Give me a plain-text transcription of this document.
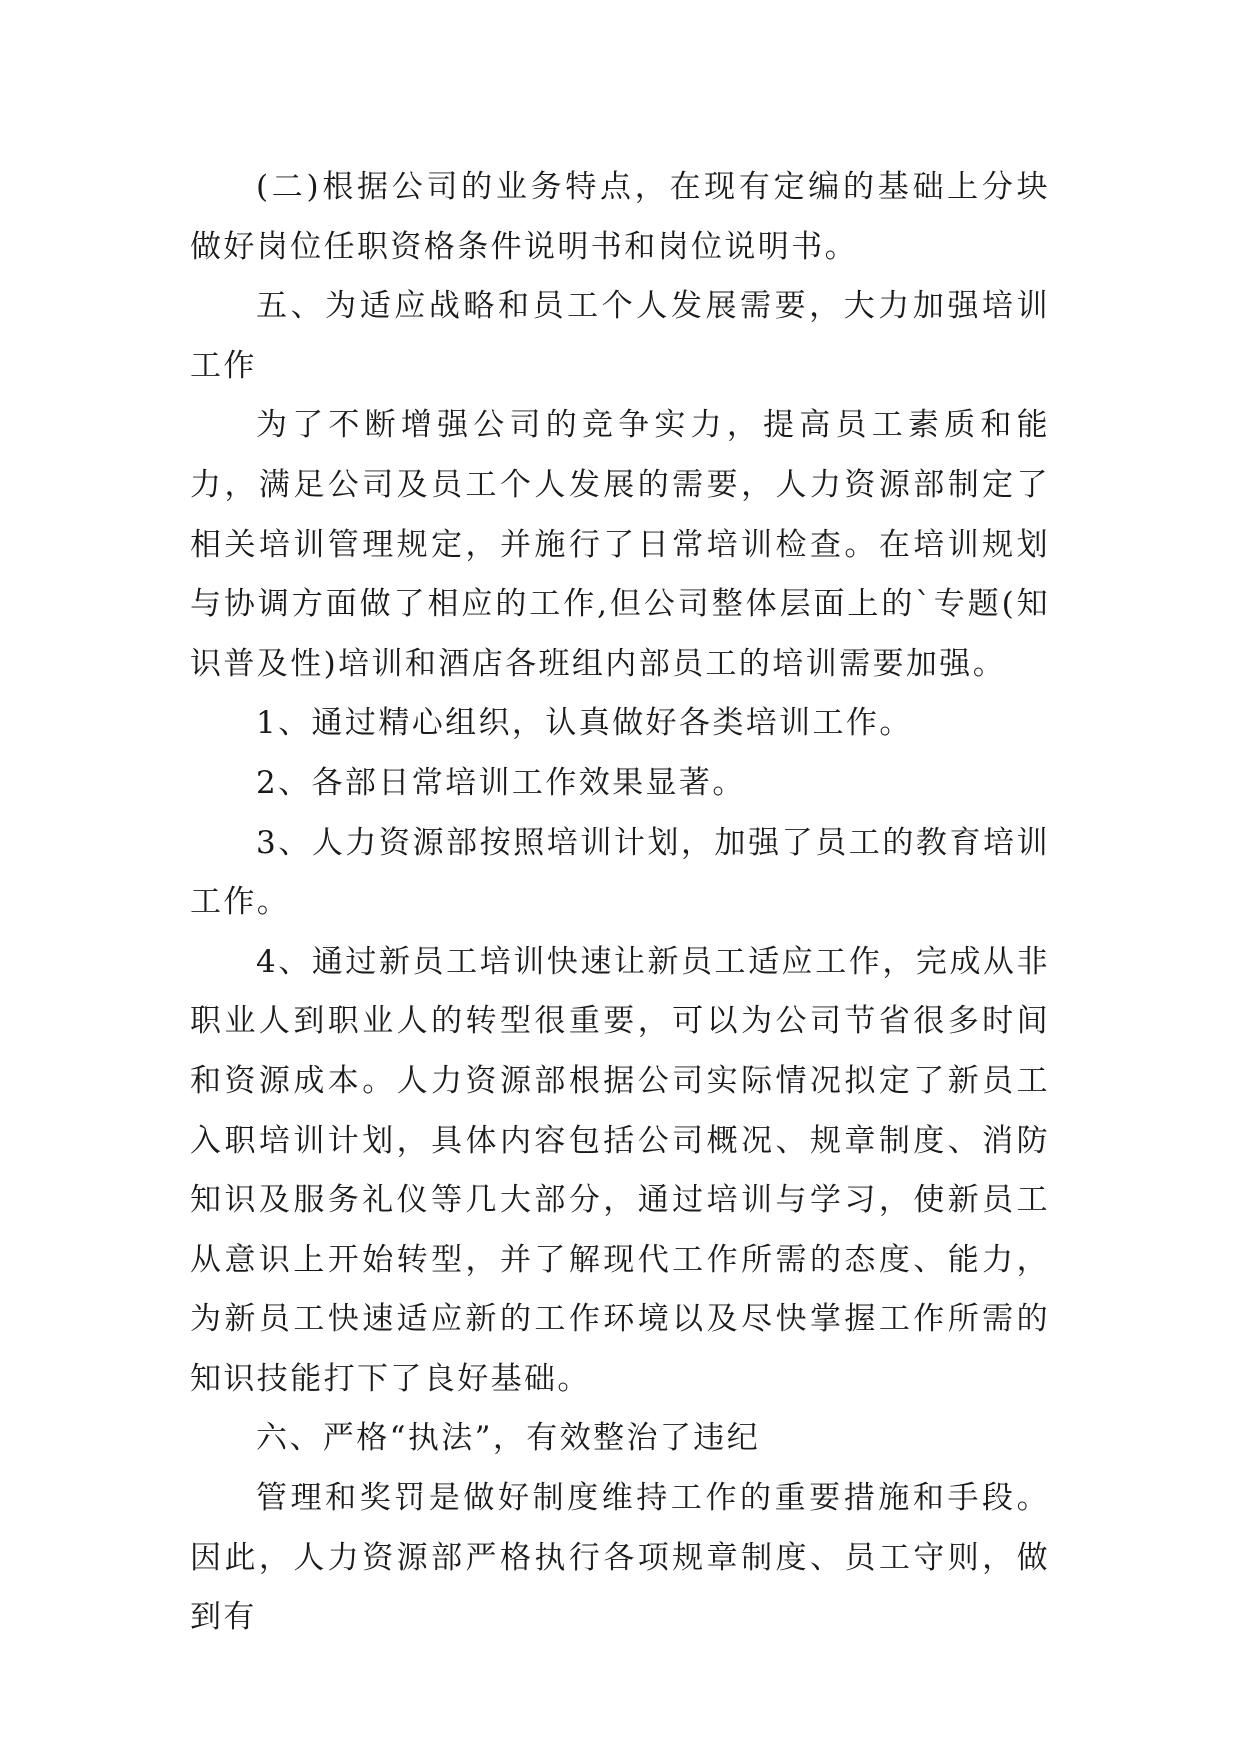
(二)根据公司的业务特点，在现有定编的基础上分块做好岗位任职资格条件说明书和岗位说明书。

五、为适应战略和员工个人发展需要，大力加强培训工作

为了不断增强公司的竞争实力，提高员工素质和能力，满足公司及员工个人发展的需要，人力资源部制定了相关培训管理规定，并施行了日常培训检查。在培训规划与协调方面做了相应的工作,但公司整体层面上的`专题(知识普及性)培训和酒店各班组内部员工的培训需要加强。

1、通过精心组织，认真做好各类培训工作。

2、各部日常培训工作效果显著。

3、人力资源部按照培训计划，加强了员工的教育培训工作。

4、通过新员工培训快速让新员工适应工作，完成从非职业人到职业人的转型很重要，可以为公司节省很多时间和资源成本。人力资源部根据公司实际情况拟定了新员工入职培训计划，具体内容包括公司概况、规章制度、消防知识及服务礼仪等几大部分，通过培训与学习，使新员工从意识上开始转型，并了解现代工作所需的态度、能力，为新员工快速适应新的工作环境以及尽快掌握工作所需的知识技能打下了良好基础。

六、严格“执法”，有效整治了违纪

管理和奖罚是做好制度维持工作的重要措施和手段。因此，人力资源部严格执行各项规章制度、员工守则，做到有
